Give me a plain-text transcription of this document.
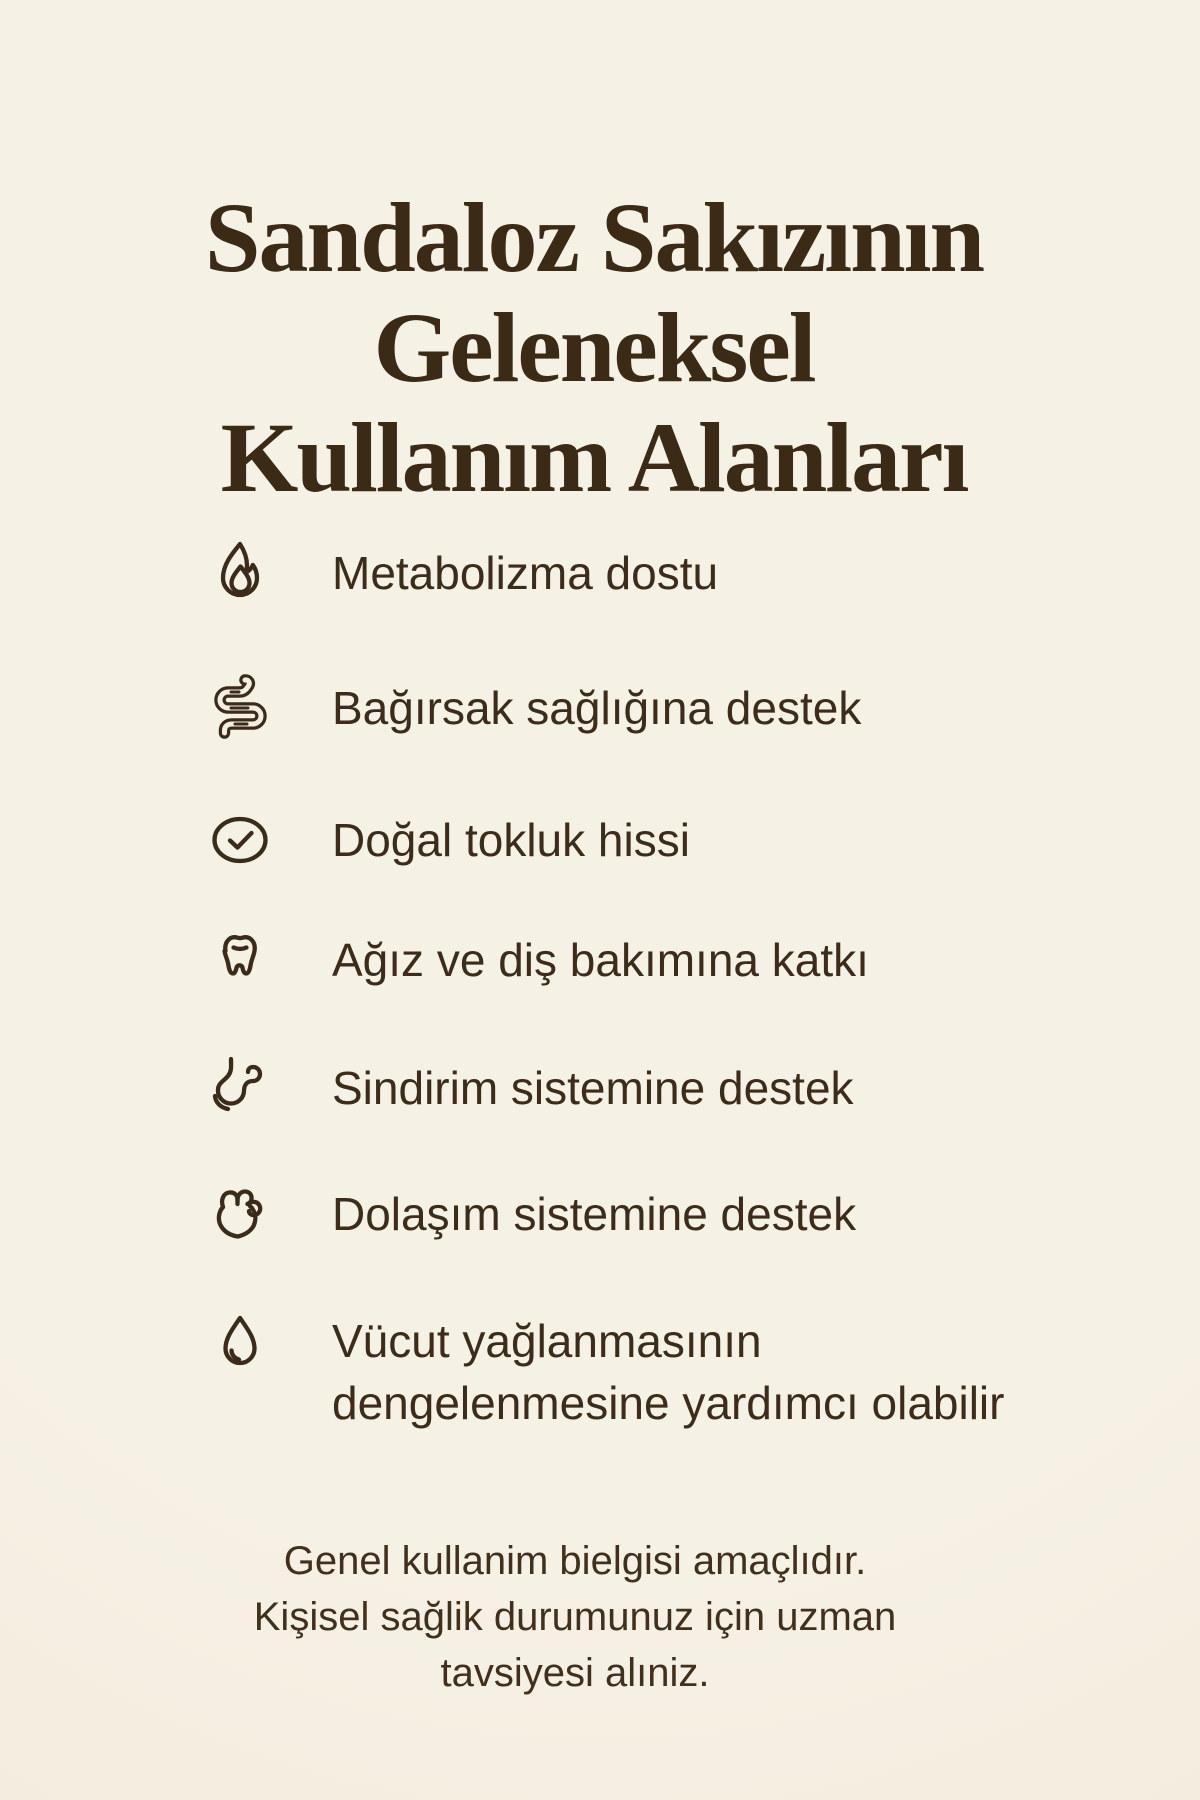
Sandaloz Sakızının
Geleneksel
Kullanım Alanları
Metabolizma dostu
Bağırsak sağlığına destek
Doğal tokluk hissi
Ağız ve diş bakımına katkı
Sindirim sistemine destek
Dolaşım sistemine destek
Vücut yağlanmasının
dengelenmesine yardımcı olabilir
Genel kullanim bielgisi amaçlıdır.
Kişisel sağlik durumunuz için uzman
tavsiyesi alıniz.
